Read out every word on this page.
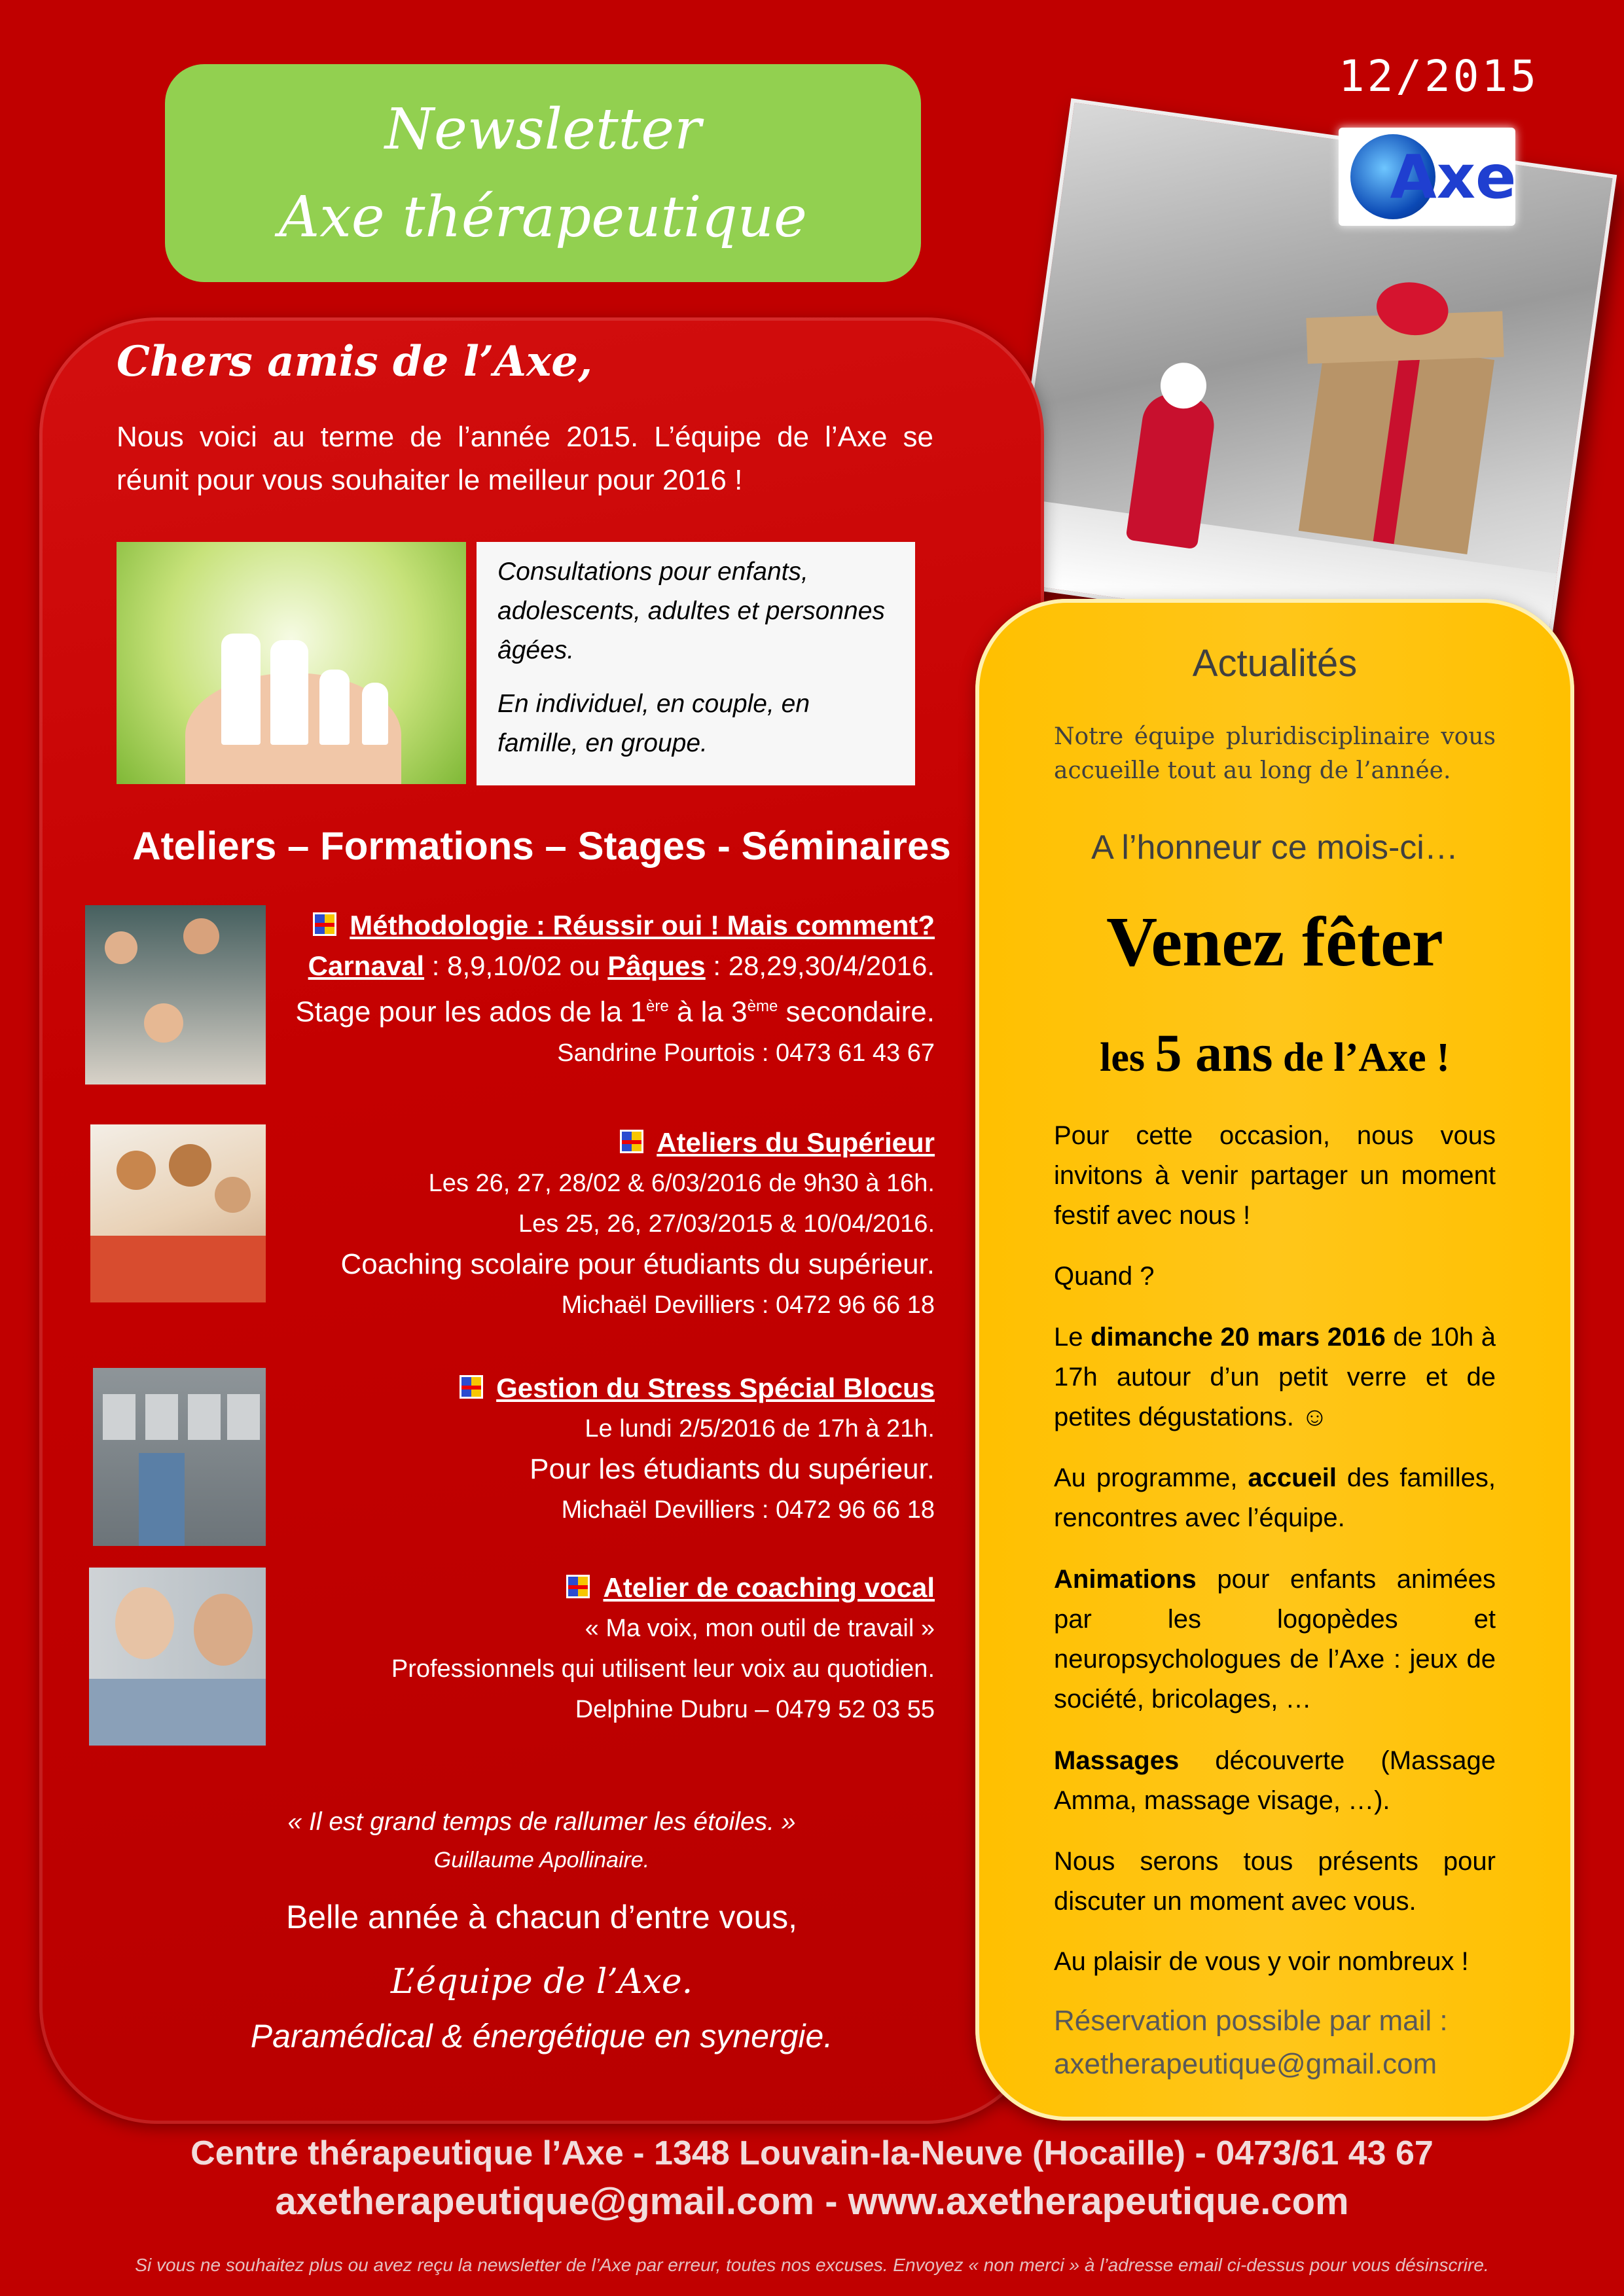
12/2015
Newsletter
Axe thérapeutique
Axe
Chers amis de l’Axe,
Nous voici au terme de l’année 2015. L’équipe de l’Axe se réunit pour vous souhaiter le meilleur pour 2016 !

Consultations pour enfants, adolescents, adultes et personnes âgées.

En individuel, en couple, en famille, en groupe.

Ateliers – Formations – Stages - Séminaires
Méthodologie : Réussir oui ! Mais comment?
Carnaval : 8,9,10/02 ou Pâques : 28,29,30/4/2016.
Stage pour les ados de la 1ère à la 3ème secondaire.
Sandrine Pourtois : 0473 61 43 67
Ateliers du Supérieur
Les 26, 27, 28/02 & 6/03/2016 de 9h30 à 16h.
Les 25, 26, 27/03/2015 & 10/04/2016.
Coaching scolaire pour étudiants du supérieur.
Michaël Devilliers : 0472 96 66 18
Gestion du Stress Spécial Blocus
Le lundi 2/5/2016 de 17h à 21h.
Pour les étudiants du supérieur.
Michaël Devilliers : 0472 96 66 18
Atelier de coaching vocal
« Ma voix, mon outil de travail »
Professionnels qui utilisent leur voix au quotidien.
Delphine Dubru – 0479 52 03 55
« Il est grand temps de rallumer les étoiles. »
Guillaume Apollinaire.
Belle année à chacun d’entre vous,
L’équipe de l’Axe.
Paramédical & énergétique en synergie.
Actualités
Notre équipe pluridisciplinaire vous accueille tout au long de l’année.
A l’honneur ce mois-ci…
Venez fêter
les 5 ans de l’Axe !
Pour cette occasion, nous vous invitons à venir partager un moment festif avec nous !
Quand ?
Le dimanche 20 mars 2016 de 10h à 17h autour d’un petit verre et de petites dégustations. ☺
Au programme, accueil des familles, rencontres avec l’équipe.
Animations pour enfants animées par les logopèdes et neuropsychologues de l’Axe : jeux de société, bricolages, …
Massages découverte (Massage Amma, massage visage, …).
Nous serons tous présents pour discuter un moment avec vous.
Au plaisir de vous y voir nombreux !
Réservation possible par mail :
axetherapeutique@gmail.com
Centre thérapeutique l’Axe - 1348 Louvain-la-Neuve (Hocaille) - 0473/61 43 67
axetherapeutique@gmail.com - www.axetherapeutique.com
Si vous ne souhaitez plus ou avez reçu la newsletter de l’Axe par erreur, toutes nos excuses. Envoyez « non merci » à l’adresse email ci-dessus pour vous désinscrire.
